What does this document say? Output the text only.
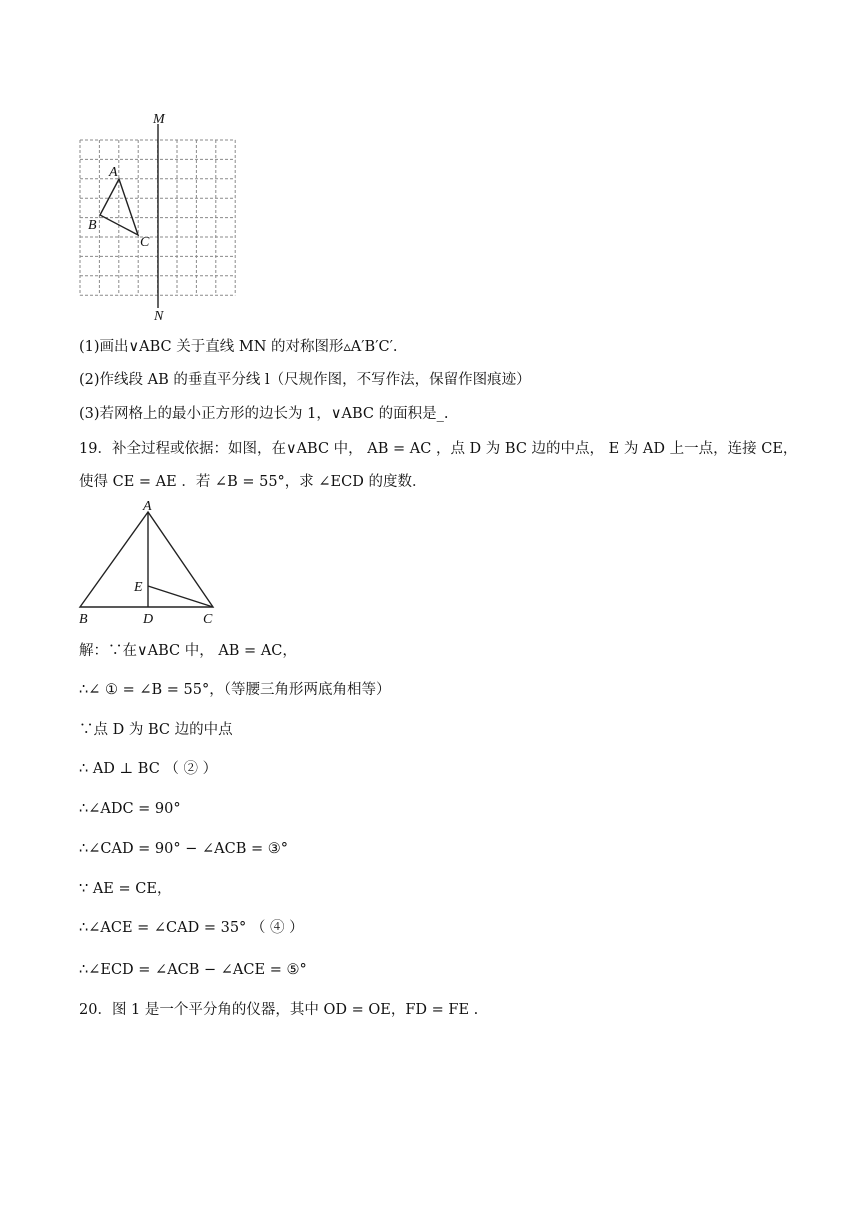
M
N
A
B
C
(1)画出∨ABC 关于直线 MN 的对称图形▵A′B′C′.
(2)作线段 AB 的垂直平分线 l（尺规作图，不写作法，保留作图痕迹）
(3)若网格上的最小正方形的边长为 1，∨ABC 的面积是_.
19．补全过程或依据：如图，在∨ABC 中， AB = AC ，点 D 为 BC 边的中点， E 为 AD 上一点，连接 CE，
使得 CE = AE ．若 ∠B = 55°，求 ∠ECD 的度数．
A
B	D	C
E
解：∵在∨ABC 中， AB = AC，
∴∠ ① = ∠B = 55°，（等腰三角形两底角相等）
∵点 D 为 BC 边的中点
∴ AD ⊥ BC （ ② ）
∴∠ADC = 90°
∴∠CAD = 90° − ∠ACB = ③°
∵ AE = CE，
∴∠ACE = ∠CAD = 35° （ ④ ）
∴∠ECD = ∠ACB − ∠ACE = ⑤°
20．图 1 是一个平分角的仪器，其中 OD = OE，FD = FE .
